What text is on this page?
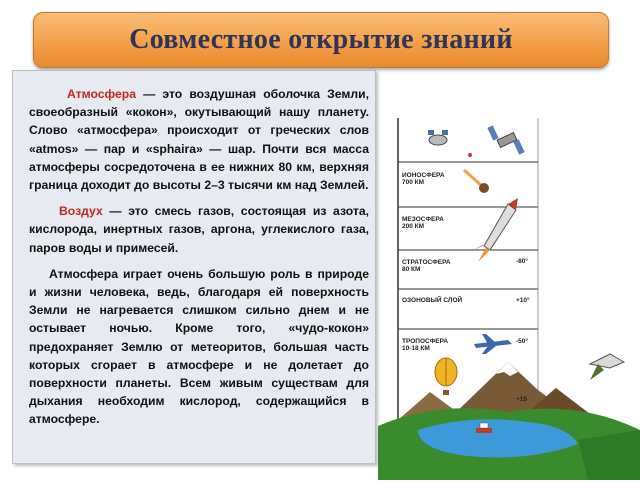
Совместное открытие знаний

Атмосфера — это воздушная оболочка Земли, своеобразный «кокон», окутывающий нашу планету. Слово «атмосфера» происходит от греческих слов «atmos» — пар и «sphaira» — шар. Почти вся масса атмосферы сосредоточена в ее нижних 80 км, верхняя граница доходит до высоты 2–3 тысячи км над Землей.

Воздух — это смесь газов, состоящая из азота, кислорода, инертных газов, аргона, углекислого газа, паров воды и примесей.

Атмосфера играет очень большую роль в природе и жизни человека, ведь, благодаря ей поверхность Земли не нагревается слишком сильно днем и не остывает ночью. Кроме того, «чудо-кокон» предохраняет Землю от метеоритов, большая часть которых сгорает в атмосфере и не долетает до поверхности планеты. Всем живым существам для дыхания необходим кислород, содержащийся в атмосфере.

ИОНОСФЕРА
700 КМ
МЕЗОСФЕРА
200 КМ
СТРАТОСФЕРА
80 КМ
-80°
ОЗОНОВЫЙ СЛОЙ	+10°
ТРОПОСФЕРА
10-18 КМ
-50°
+15
